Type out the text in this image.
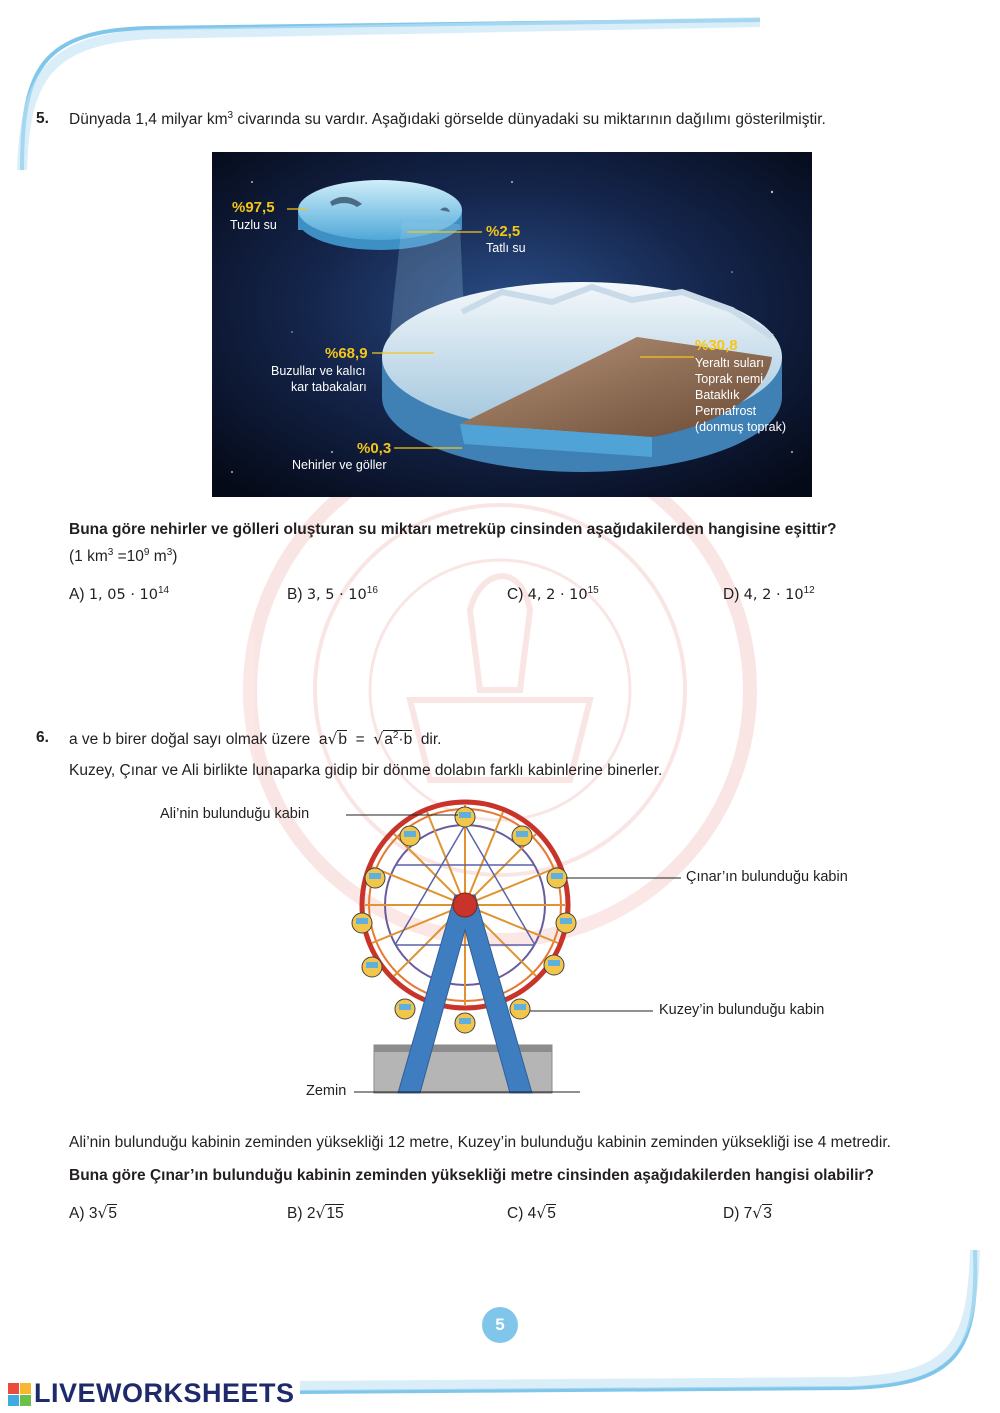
5. Dünyada 1,4 milyar $km^3$ civarında su vardır. Aşağıdaki görselde dünyadaki su miktarının dağılımı gösterilmiştir.
%97,5
Tuzlu su	%2,5
Tatlı su
%68,9
Buzullar ve kalıcı
kar tabakaları
%30,8
Yeraltı suları
Toprak nemi
Bataklık
Permafrost
(donmuş toprak)
%0,3
Nehirler ve göller
Buna göre nehirler ve gölleri oluşturan su miktarı metreküp cinsinden aşağıdakilerden hangisine eşittir?
(1 $km^3 =10^9$ $m^3$)
A) 1, $05 \cdot 10^{14}$	B) 3, $5 \cdot 10^{16}$	C) 4, $2 \cdot 10^{15}$	D) 4, $2 \cdot 10^{12}$
6. a ve b birer doğal sayı olmak üzere $a√b = √a^2\cdot b$ dir.
Kuzey, Çınar ve Ali birlikte lunaparka gidip bir dönme dolabın farklı kabinlerine binerler.
Ali’nin bulunduğu kabin
Çınar’ın bulunduğu kabin
Kuzey’in bulunduğu kabin
Zemin
Ali’nin bulunduğu kabinin zeminden yüksekliği 12 metre, Kuzey’in bulunduğu kabinin zeminden yüksekliği ise 4 metredir.
Buna göre Çınar’ın bulunduğu kabinin zeminden yüksekliği metre cinsinden aşağıdakilerden hangisi olabilir?
A) 3√5	B) 2√15	C) 4√5	D) 7√3
5
LIVEWORKSHEETS
